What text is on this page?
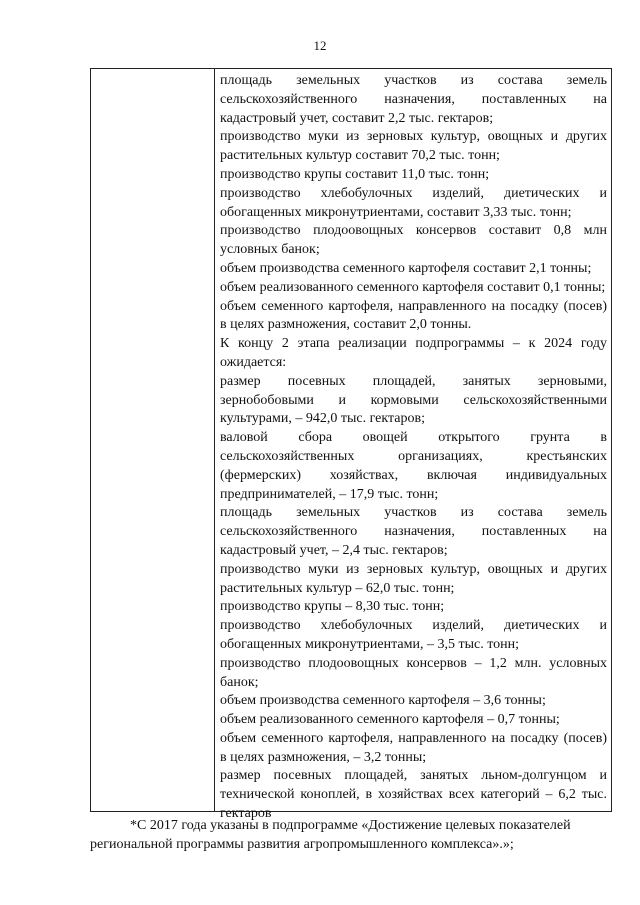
12

площадь земельных участков из состава земель сельскохозяйственного назначения, поставленных на кадастровый учет, составит 2,2 тыс. гектаров;

производство муки из зерновых культур, овощных и других растительных культур составит 70,2 тыс. тонн;

производство крупы составит 11,0 тыс. тонн;

производство хлебобулочных изделий, диетических и обогащенных микронутриентами, составит 3,33 тыс. тонн;

производство плодоовощных консервов составит 0,8 млн условных банок;

объем производства семенного картофеля составит 2,1 тонны;

объем реализованного семенного картофеля составит 0,1 тонны;

объем семенного картофеля, направленного на посадку (посев) в целях размножения, составит 2,0 тонны.

К концу 2 этапа реализации подпрограммы – к 2024 году ожидается:

размер посевных площадей, занятых зерновыми, зернобобовыми и кормовыми сельскохозяйственными культурами, – 942,0 тыс. гектаров;

валовой сбора овощей открытого грунта в сельскохозяйственных организациях, крестьянских (фермерских) хозяйствах, включая индивидуальных предпринимателей, – 17,9 тыс. тонн;

площадь земельных участков из состава земель сельскохозяйственного назначения, поставленных на кадастровый учет, – 2,4 тыс. гектаров;

производство муки из зерновых культур, овощных и других растительных культур – 62,0 тыс. тонн;

производство крупы – 8,30 тыс. тонн;

производство хлебобулочных изделий, диетических и обогащенных микронутриентами, – 3,5 тыс. тонн;

производство плодоовощных консервов – 1,2 млн. условных банок;

объем производства семенного картофеля – 3,6 тонны;

объем реализованного семенного картофеля – 0,7 тонны;

объем семенного картофеля, направленного на посадку (посев) в целях размножения, – 3,2 тонны;

размер посевных площадей, занятых льном-долгунцом и технической коноплей, в хозяйствах всех категорий – 6,2 тыс. гектаров

*С 2017 года указаны в подпрограмме «Достижение целевых показателей
региональной программы развития агропромышленного комплекса».»;
